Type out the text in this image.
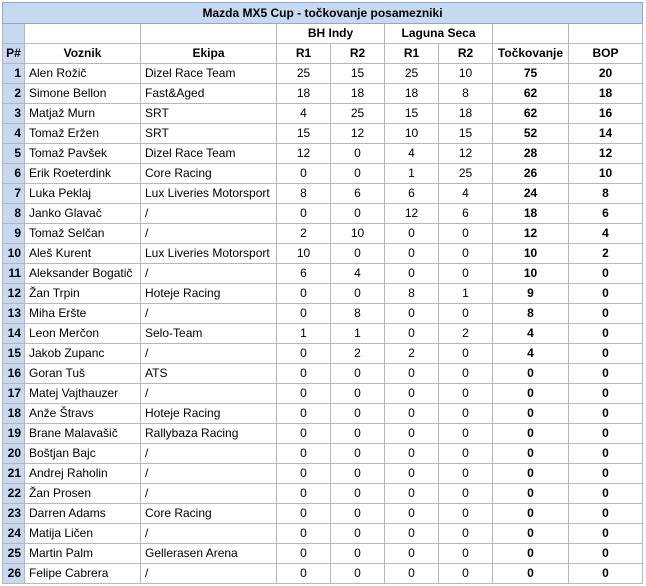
Mazda MX5 Cup - točkovanje posamezniki								
			BH Indy		Laguna Seca			
P#	Voznik	Ekipa	R1	R2	R1	R2	Točkovanje	BOP
1	Alen Rožič	Dizel Race Team	25	15	25	10	75	20
2	Simone Bellon	Fast&Aged	18	18	18	8	62	18
3	Matjaž Murn	SRT	4	25	15	18	62	16
4	Tomaž Eržen	SRT	15	12	10	15	52	14
5	Tomaž Pavšek	Dizel Race Team	12	0	4	12	28	12
6	Erik Roeterdink	Core Racing	0	0	1	25	26	10
7	Luka Peklaj	Lux Liveries Motorsport	8	6	6	4	24	8
8	Janko Glavač	/	0	0	12	6	18	6
9	Tomaž Selčan	/	2	10	0	0	12	4
10	Aleš Kurent	Lux Liveries Motorsport	10	0	0	0	10	2
11	Aleksander Bogatič	/	6	4	0	0	10	0
12	Žan Trpin	Hoteje Racing	0	0	8	1	9	0
13	Miha Eršte	/	0	8	0	0	8	0
14	Leon Merčon	Selo-Team	1	1	0	2	4	0
15	Jakob Zupanc	/	0	2	2	0	4	0
16	Goran Tuš	ATS	0	0	0	0	0	0
17	Matej Vajthauzer	/	0	0	0	0	0	0
18	Anže Štravs	Hoteje Racing	0	0	0	0	0	0
19	Brane Malavašič	Rallybaza Racing	0	0	0	0	0	0
20	Boštjan Bajc	/	0	0	0	0	0	0
21	Andrej Raholin	/	0	0	0	0	0	0
22	Žan Prosen	/	0	0	0	0	0	0
23	Darren Adams	Core Racing	0	0	0	0	0	0
24	Matija Ličen	/	0	0	0	0	0	0
25	Martin Palm	Gellerasen Arena	0	0	0	0	0	0
26	Felipe Cabrera	/	0	0	0	0	0	0
